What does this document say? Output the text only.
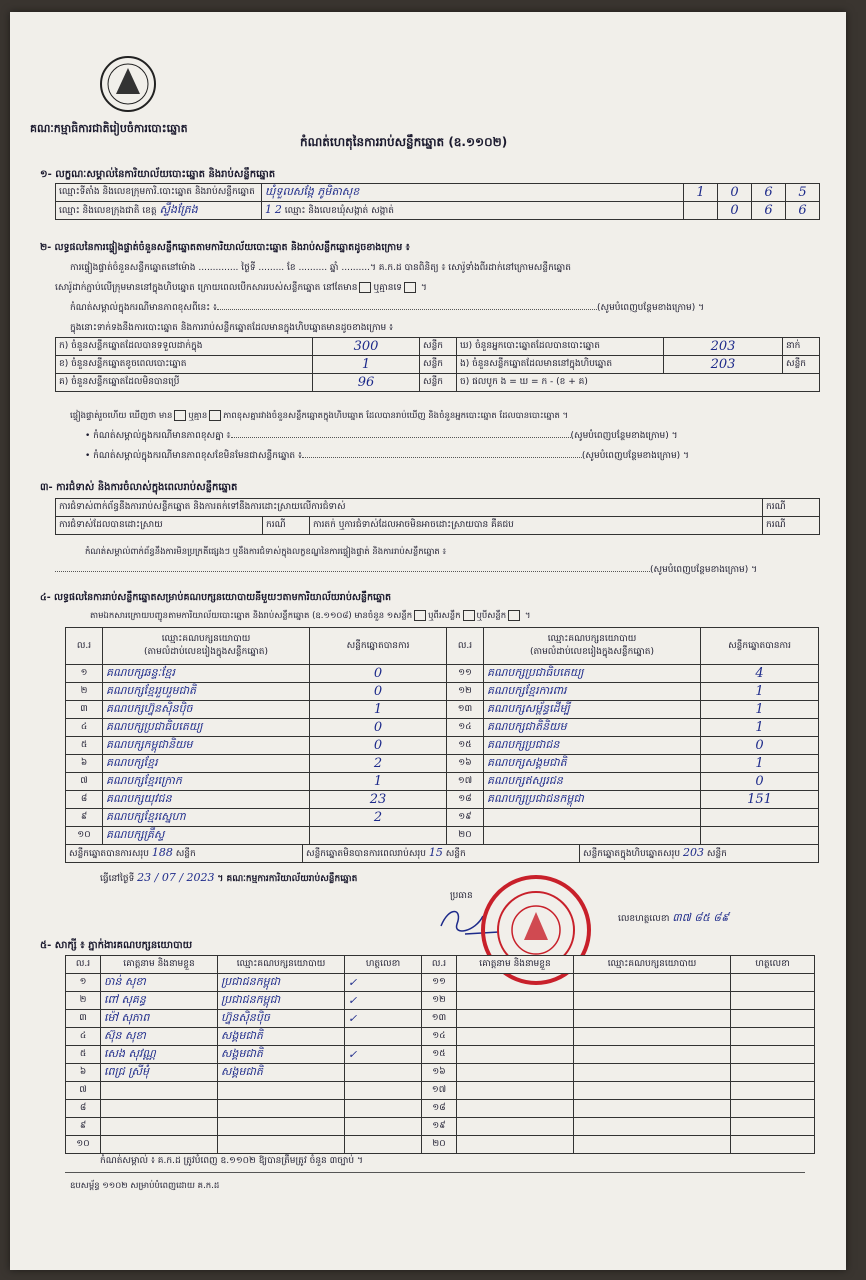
គណៈកម្មាធិការជាតិរៀបចំការបោះឆ្នោត
កំណត់ហេតុនៃការរាប់សន្លឹកឆ្នោត (ឧ.១១០២)
១- លក្ខណៈសម្គាល់នៃការិយាល័យបោះឆ្នោត និងរាប់សន្លឹកឆ្នោត

ឈ្មោះទីតាំង និងលេខក្រុមការិ.បោះឆ្នោត និងរាប់សន្លឹកឆ្នោត	ឃុំទួលសង្កែ ភូមិតាសុខ	1	0	6	5
ឈ្មោះ និងលេខក្រុងជាតិ ខេត្ត ស្ទឹងត្រែង	1 2 ឈ្មោះ និងលេខឃុំសង្កាត់ សង្កាត់		0	6	6
២- លទ្ធផលនៃការផ្ទៀងផ្ទាត់ចំនួនសន្លឹកឆ្នោតតាមការិយាល័យបោះឆ្នោត និងរាប់សន្លឹកឆ្នោតដូចខាងក្រោម ៖
ការផ្ទៀងផ្ទាត់ចំនួនសន្លឹកឆ្នោតនៅម៉ោង .............. ថ្ងៃទី ......... ខែ .......... ឆ្នាំ ..........។ គ.ក.ដ បានពិនិត្យ ៖ សោរ៉ូទាំងពីរដាក់នៅក្រោមសន្លឹកឆ្នោត
សោរ៉ូដាក់ភ្ជាប់លើក្រុមមាននៅក្នុងហិបឆ្នោត ក្រោយពេលបើកសាររបស់សន្លឹកឆ្នោត នៅតែមាន ឬគ្មានទេ ។
កំណត់សម្គាល់ក្នុងករណីមានភាពខុសពីនេះ ៖	(សូមបំពេញបន្ថែមខាងក្រោម) ។
ក្នុងនោះទាក់ទងនឹងការបោះឆ្នោត និងការរាប់សន្លឹកឆ្នោតដែលមានក្នុងហិបឆ្នោតមានដូចខាងក្រោម ៖
ក) ចំនួនសន្លឹកឆ្នោតដែលបានទទួលដាក់ក្នុង	300	សន្លឹក	ឃ) ចំនួនអ្នកបោះឆ្នោតដែលបានបោះឆ្នោត	203	នាក់
ខ) ចំនួនសន្លឹកឆ្នោតខូចពេលបោះឆ្នោត	1	សន្លឹក	ង) ចំនួនសន្លឹកឆ្នោតដែលមាននៅក្នុងហិបឆ្នោត	203	សន្លឹក
គ) ចំនួនសន្លឹកឆ្នោតដែលមិនបានប្រើ	96	សន្លឹក	ច) ផលបូក ង = ឃ = ក - (ខ + គ)		
ផ្ទៀងផ្ទាត់រួចហើយ ឃើញថា មាន ឬគ្មាន ភាពខុសគ្នារវាងចំនួនសន្លឹកឆ្នោតក្នុងហិបឆ្នោត ដែលបានរាប់ឃើញ និងចំនួនអ្នកបោះឆ្នោត ដែលបានបោះឆ្នោត ។
• កំណត់សម្គាល់ក្នុងករណីមានភាពខុសគ្នា ៖	(សូមបំពេញបន្ថែមខាងក្រោម) ។
• កំណត់សម្គាល់ក្នុងករណីមានភាពខុសខែមិនមែនជាសន្លឹកឆ្នោត ៖	(សូមបំពេញបន្ថែមខាងក្រោម) ។
៣- ការជំទាស់ និងការចំលាស់ក្នុងពេលរាប់សន្លឹកឆ្នោត
ការជំទាស់ពាក់ព័ន្ធនឹងការរាប់សន្លឹកឆ្នោត និងការតក់ទៅនឹងការដោះស្រាយលើការជំទាស់			ករណី
ការជំទាស់ដែលបានដោះស្រាយ	ករណី	ការតក់ ឬការជំទាស់ដែលអាចមិនអាចដោះស្រាយបាន គឺគជប	ករណី
កំណត់សម្គាល់ពាក់ព័ន្ធនឹងការមិនប្រក្រតីផ្សេងៗ ឬនឹងការជំទាស់ក្នុងលក្ខខណ្ឌនៃការផ្ទៀងផ្ទាត់ និងការរាប់សន្លឹកឆ្នោត ៖
(សូមបំពេញបន្ថែមខាងក្រោម) ។
៤- លទ្ធផលនៃការរាប់សន្លឹកឆ្នោតសម្រាប់គណបក្សនយោបាយនីមួយៗតាមការិយាល័យរាប់សន្លឹកឆ្នោត
តាមឯកសារក្រោយបញ្ជូនតាមការិយាល័យបោះឆ្នោត និងរាប់សន្លឹកឆ្នោត (ឧ.១១០៨) មានចំនួន ១សន្លឹក ឬពីរសន្លឹក ឬបីសន្លឹក ។
ល.រ	ឈ្មោះគណបក្សនយោបាយ
(តាមលំដាប់លេខរៀងក្នុងសន្លឹកឆ្នោត)	សន្លឹកឆ្នោតបានការ	ល.រ	ឈ្មោះគណបក្សនយោបាយ
(តាមលំដាប់លេខរៀងក្នុងសន្លឹកឆ្នោត)	សន្លឹកឆ្នោតបានការ
១	គណបក្សឆន្ទៈខ្មែរ	0	១១	គណបក្សប្រជាធិបតេយ្យ	4
២	គណបក្សខ្មែររួបរួមជាតិ	0	១២	គណបក្សខ្មែរការពារ	1
៣	គណបក្សហ្វ៊ុនស៊ិនប៉ិច	1	១៣	គណបក្សសម្ព័ន្ធដើម្បី	1
៤	គណបក្សប្រជាធិបតេយ្យ	0	១៤	គណបក្សជាតិនិយម	1
៥	គណបក្សកម្ពុជានិយម	0	១៥	គណបក្សប្រជាជន	0
៦	គណបក្សខ្មែរ	2	១៦	គណបក្សសង្គមជាតិ	1
៧	គណបក្សខ្មែរក្រោក	1	១៧	គណបក្សឥស្សរជន	0
៨	គណបក្សយុវជន	23	១៨	គណបក្សប្រជាជនកម្ពុជា	151
៩	គណបក្សខ្មែរស្នេហា	2	១៩		
១០	គណបក្សគ្រឹស្ទ		២០		
សន្លឹកឆ្នោតបានការសរុប 188 សន្លឹក	សន្លឹកឆ្នោតមិនបានការពេលរាប់សរុប 15 សន្លឹក	សន្លឹកឆ្នោតក្នុងហិបឆ្នោតសរុប 203 សន្លឹក
ធ្វើនៅថ្ងៃទី 23 / 07 / 2023 ។ គណៈកម្មការការិយាល័យរាប់សន្លឹកឆ្នោត
ប្រធាន
លេខហត្ថលេខា ៣៧ ៨៥ ៨៩
៥- សាក្សី ៖ ភ្នាក់ងារគណបក្សនយោបាយ
ល.រ	គោត្តនាម និងនាមខ្លួន	ឈ្មោះគណបក្សនយោបាយ	ហត្ថលេខា	ល.រ	គោត្តនាម និងនាមខ្លួន	ឈ្មោះគណបក្សនយោបាយ	ហត្ថលេខា
១	ចាន់ សុខា	ប្រជាជនកម្ពុជា	✓	១១			
២	ពៅ សុគន្ធ	ប្រជាជនកម្ពុជា	✓	១២			
៣	ម៉ៅ សុភាព	ហ្វ៊ុនស៊ិនប៉ិច	✓	១៣			
៤	ស៊ុន សុខា	សង្គមជាតិ		១៤			
៥	សេង សុវណ្ណ	សង្គមជាតិ	✓	១៥			
៦	ពេជ្រ ស្រីមុំ	សង្គមជាតិ		១៦			
៧				១៧			
៨				១៨			
៩				១៩			
១០				២០			
កំណត់សម្គាល់ ៖ គ.ក.ដ ត្រូវបំពេញ ឧ.១១០២ ឱ្យបានត្រឹមត្រូវ ចំនួន ៣ច្បាប់ ។
ឧបសម្ព័ន្ធ ១១០២ សម្រាប់បំពេញដោយ គ.ក.ដ
